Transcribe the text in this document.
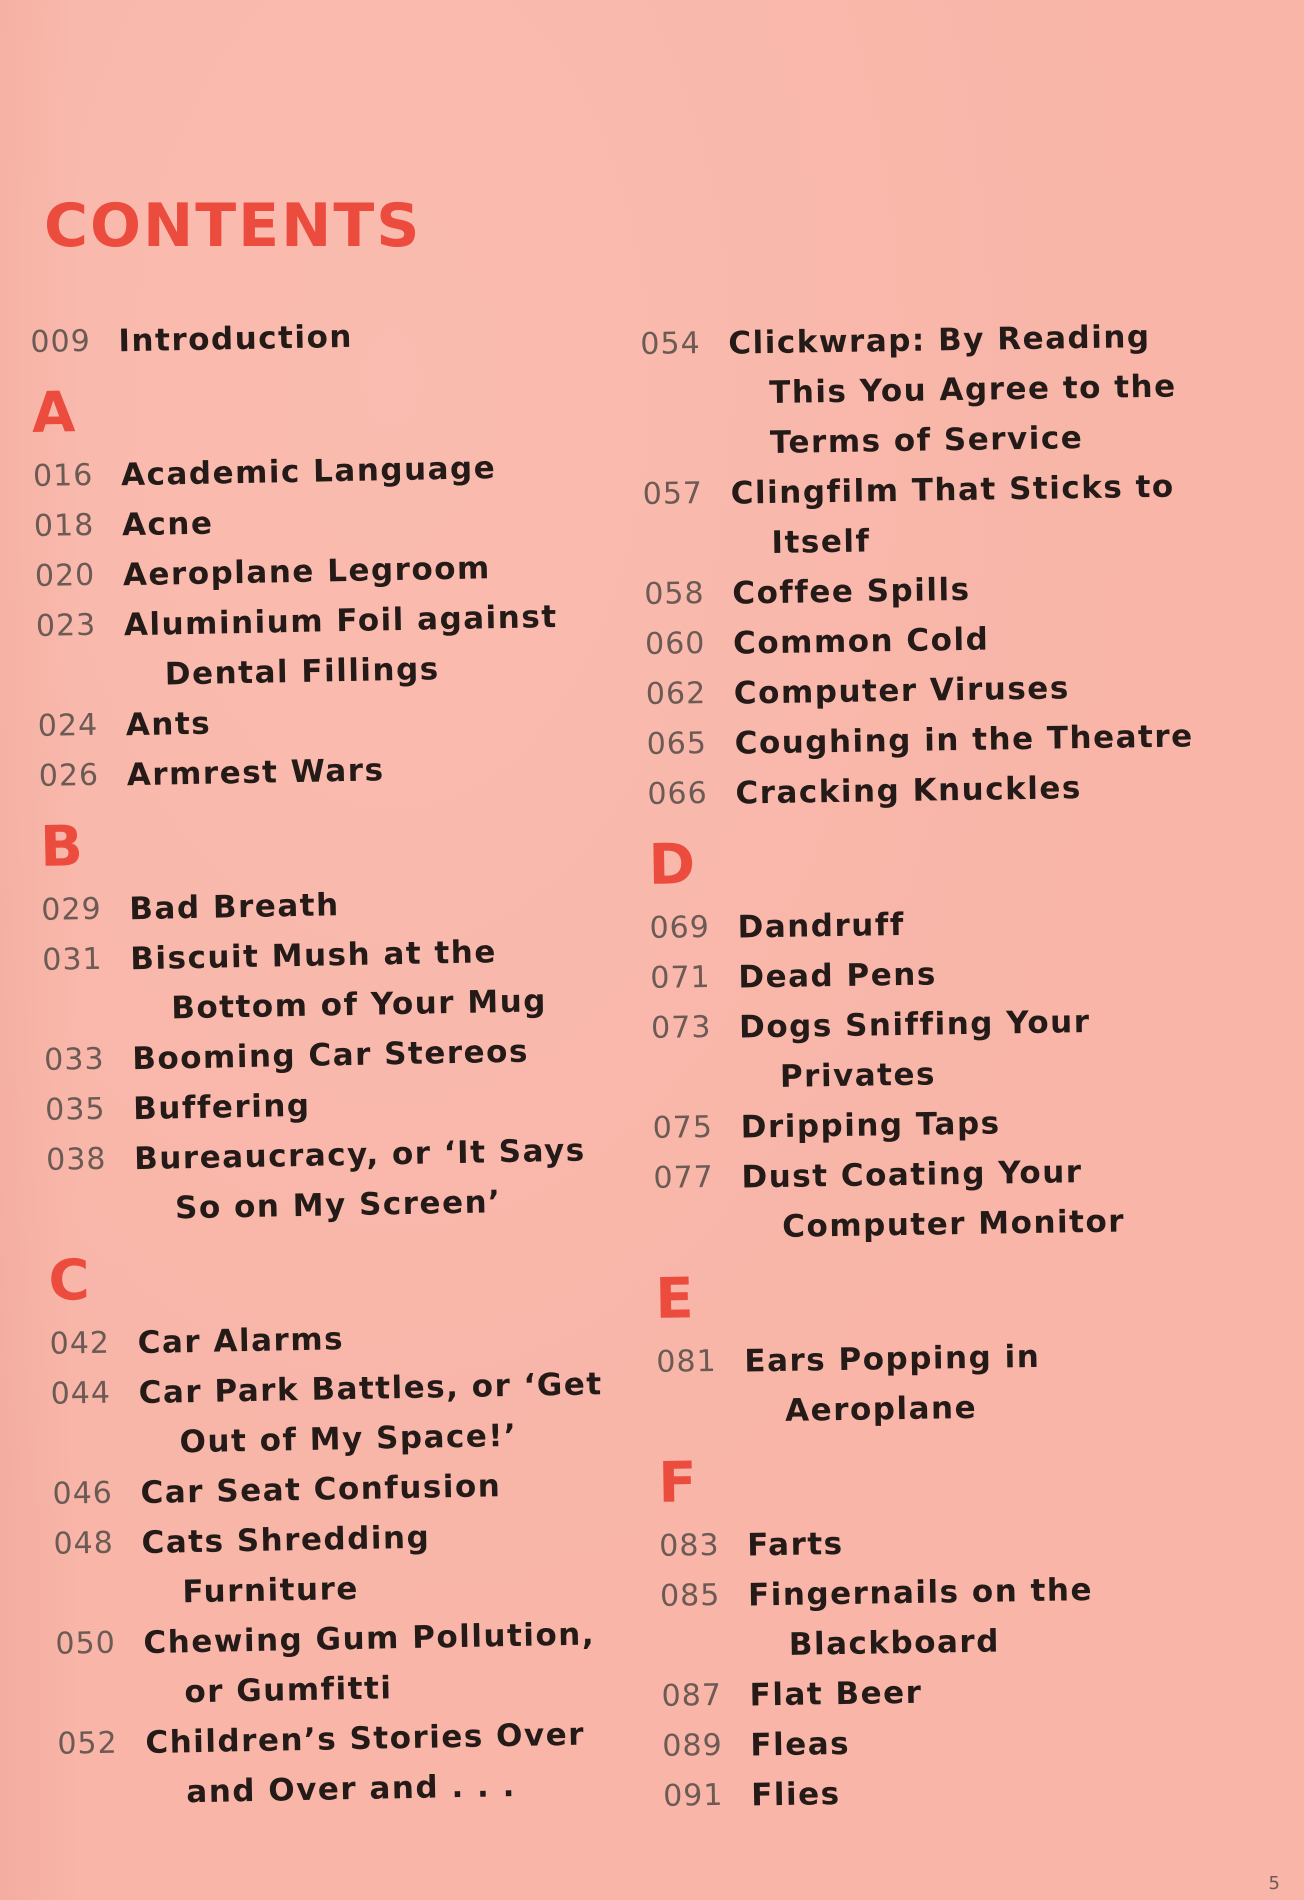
CONTENTS
009 Introduction
A
016 Academic Language
018 Acne
020 Aeroplane Legroom
023 Aluminium Foil against Dental Fillings
024 Ants
026 Armrest Wars
B
029 Bad Breath
031 Biscuit Mush at the Bottom of Your Mug
033 Booming Car Stereos
035 Buffering
038 Bureaucracy, or ‘It Says So on My Screen’
C
042 Car Alarms
044 Car Park Battles, or ‘Get Out of My Space!’
046 Car Seat Confusion
048 Cats Shredding Furniture
050 Chewing Gum Pollution, or Gumfitti
052 Children’s Stories Over and Over and . . .
054 Clickwrap: By Reading This You Agree to the Terms of Service
057 Clingfilm That Sticks to Itself
058 Coffee Spills
060 Common Cold
062 Computer Viruses
065 Coughing in the Theatre
066 Cracking Knuckles
D
069 Dandruff
071 Dead Pens
073 Dogs Sniffing Your Privates
075 Dripping Taps
077 Dust Coating Your Computer Monitor
E
081 Ears Popping in Aeroplane
F
083 Farts
085 Fingernails on the Blackboard
087 Flat Beer
089 Fleas
091 Flies
5
